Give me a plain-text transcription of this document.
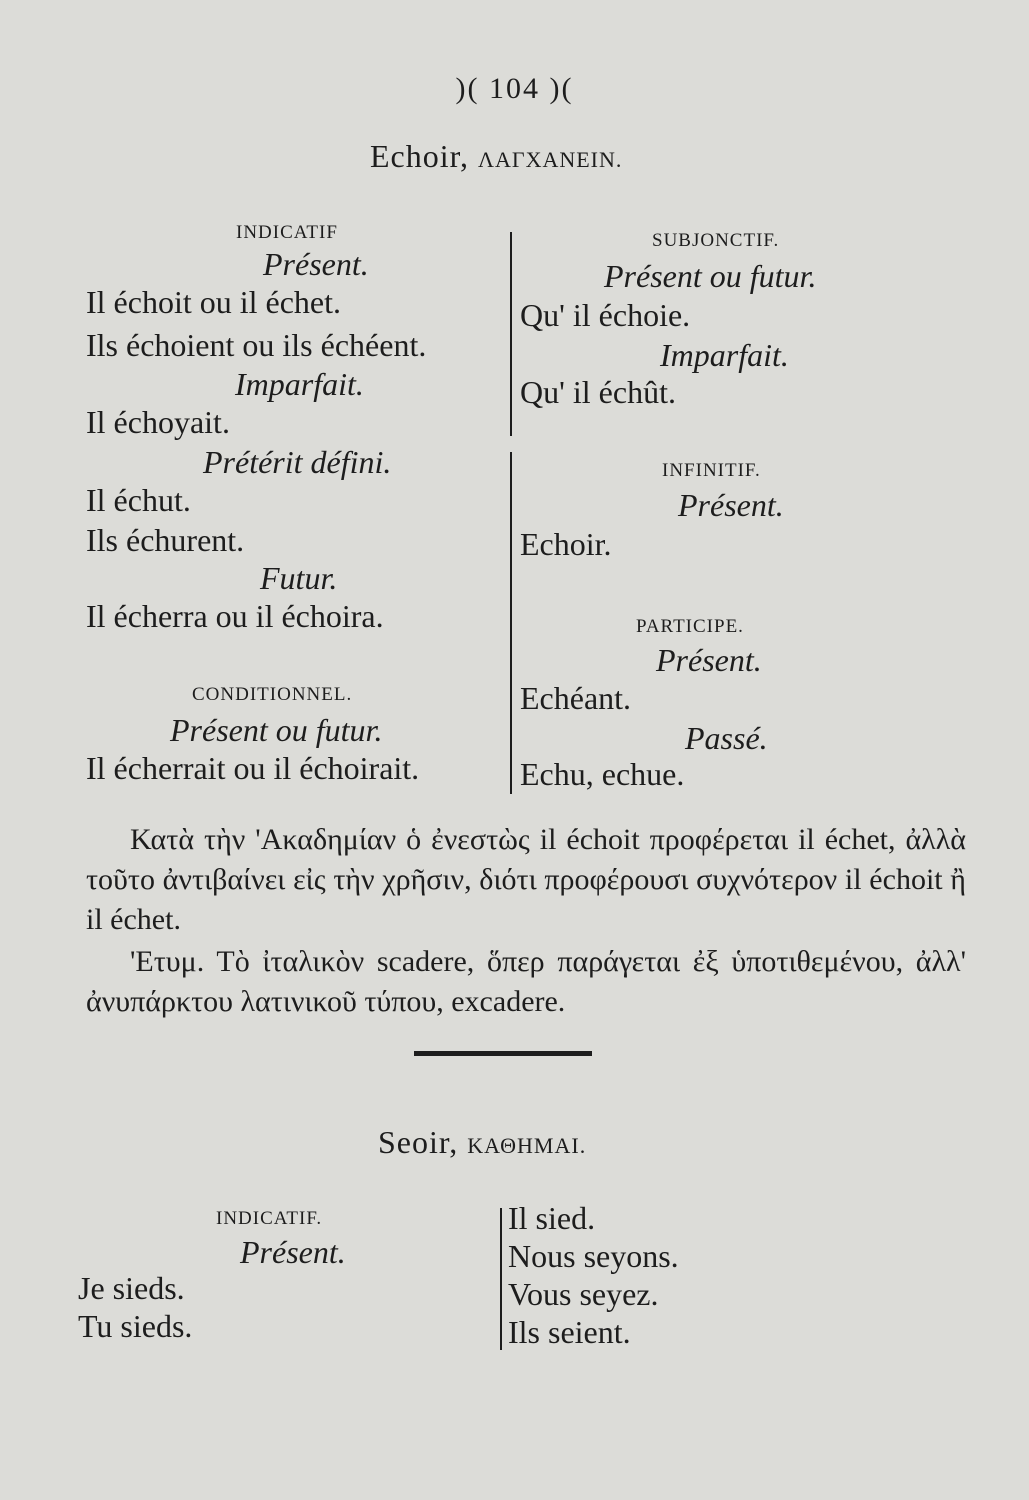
)( 104 )(
Echoir, ΛΑΓΧΑΝΕΙΝ.
INDICATIF
Présent.
Il échoit ou il échet.
Ils échoient ou ils échéent.
Imparfait.
Il échoyait.
Prétérit défini.
Il échut.
Ils échurent.
Futur.
Il écherra ou il échoira.
CONDITIONNEL.
Présent ou futur.
Il écherrait ou il échoirait.
SUBJONCTIF.
Présent ou futur.
Qu' il échoie.
Imparfait.
Qu' il échût.
INFINITIF.
Présent.
Echoir.
PARTICIPE.
Présent.
Echéant.
Passé.
Echu, echue.
Κατὰ τὴν 'Ακαδημίαν ὁ ἐνεστὼς il échoit προφέρεται il échet, ἀλλὰ τοῦτο ἀντιβαίνει εἰς τὴν χρῆσιν, διότι προφέρουσι συχνότερον il échoit ἢ il échet.
'Ετυμ. Τὸ ἰταλικὸν scadere, ὅπερ παράγεται ἐξ ὑποτιθεμένου, ἀλλ' ἀνυπάρκτου λατινικοῦ τύπου, excadere.
Seoir, ΚΑΘΗΜΑΙ.
INDICATIF.
Présent.
Je sieds.
Tu sieds.
Il sied.
Nous seyons.
Vous seyez.
Ils seient.
